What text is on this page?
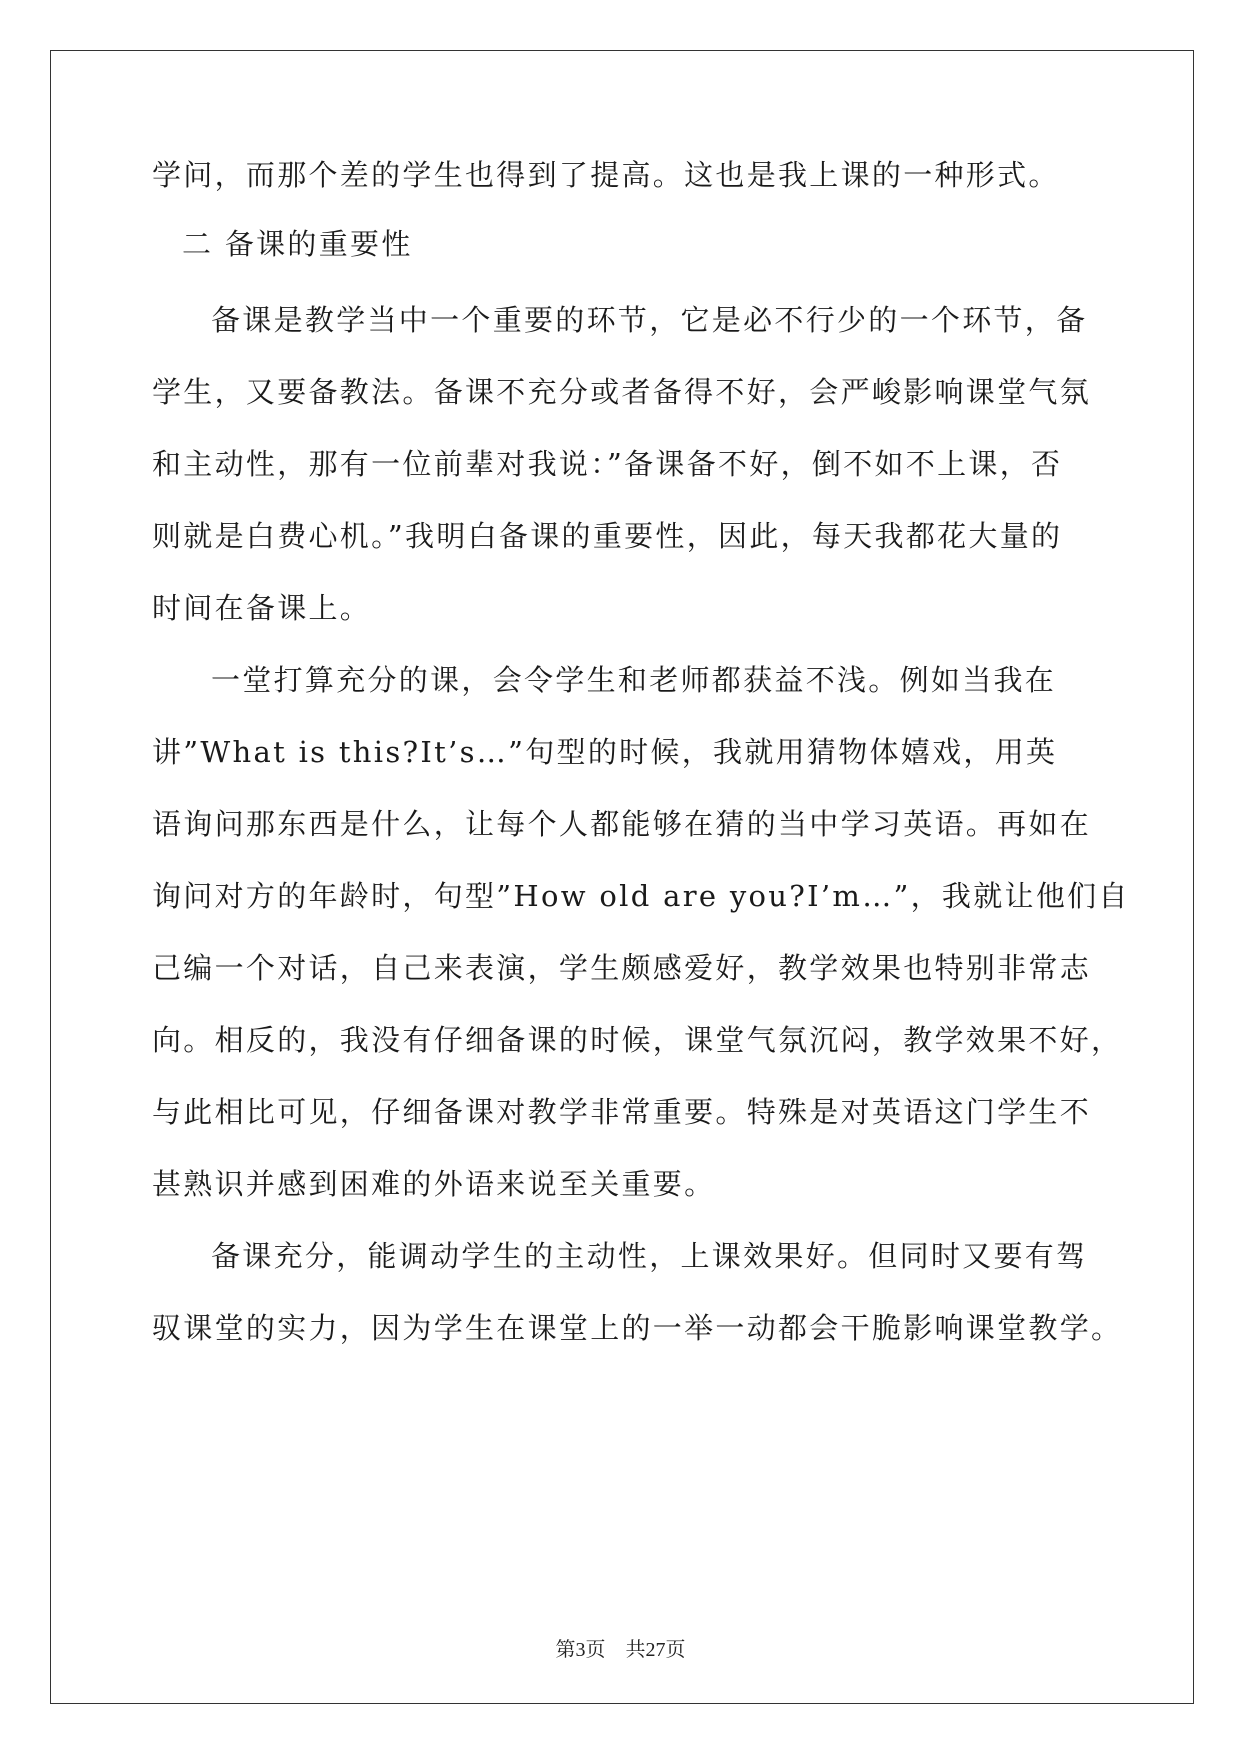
学问，而那个差的学生也得到了提高。这也是我上课的一种形式。
二 备课的重要性
备课是教学当中一个重要的环节，它是必不行少的一个环节，备
学生，又要备教法。备课不充分或者备得不好，会严峻影响课堂气氛
和主动性，那有一位前辈对我说：”备课备不好，倒不如不上课，否
则就是白费心机。”我明白备课的重要性，因此，每天我都花大量的
时间在备课上。
一堂打算充分的课，会令学生和老师都获益不浅。例如当我在
讲”What is this?It’s…”句型的时候，我就用猜物体嬉戏，用英
语询问那东西是什么，让每个人都能够在猜的当中学习英语。再如在
询问对方的年龄时，句型”How old are you?I’m…”，我就让他们自
己编一个对话，自己来表演，学生颇感爱好，教学效果也特别非常志
向。相反的，我没有仔细备课的时候，课堂气氛沉闷，教学效果不好，
与此相比可见，仔细备课对教学非常重要。特殊是对英语这门学生不
甚熟识并感到困难的外语来说至关重要。
备课充分，能调动学生的主动性，上课效果好。但同时又要有驾
驭课堂的实力，因为学生在课堂上的一举一动都会干脆影响课堂教学。
第3页　共27页
